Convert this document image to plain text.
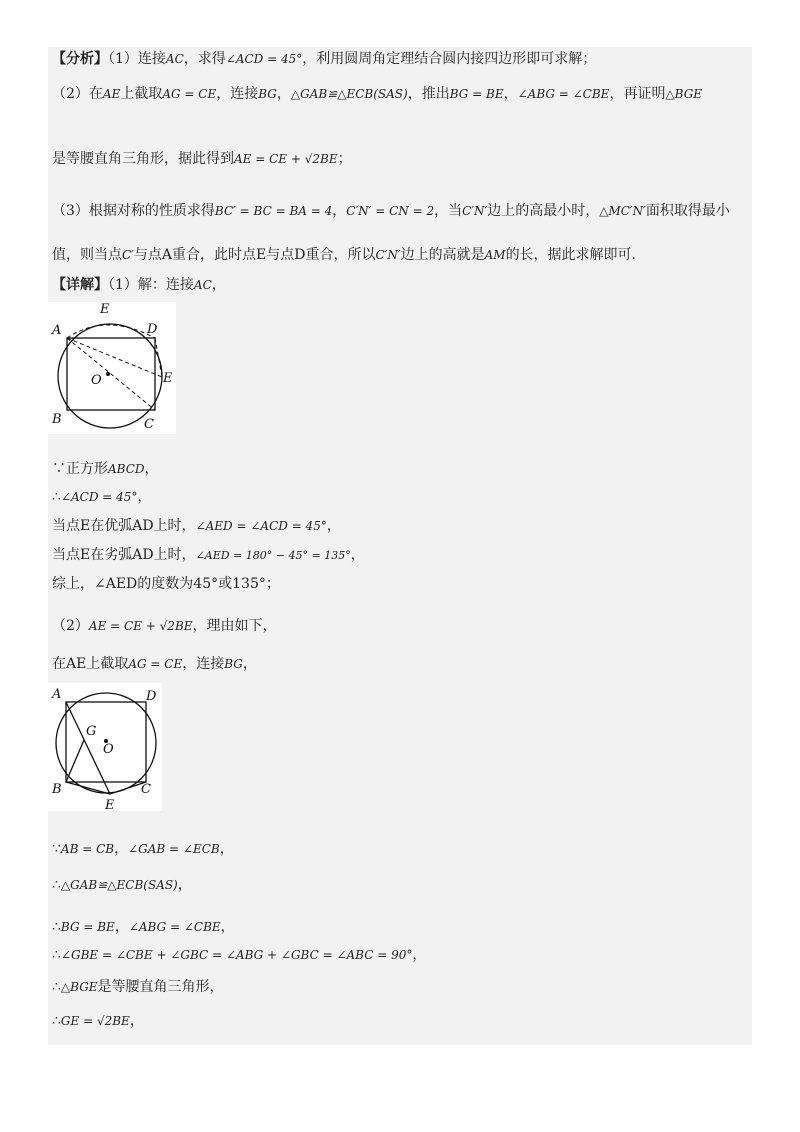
【分析】（1）连接AC，求得∠ACD = 45°，利用圆周角定理结合圆内接四边形即可求解；
（2）在AE上截取AG = CE，连接BG，△GAB≌△ECB(SAS)，推出BG = BE，∠ABG = ∠CBE，再证明△BGE
是等腰直角三角形，据此得到AE = CE + √2BE；
（3）根据对称的性质求得BC′ = BC = BA = 4，C′N′ = CN = 2，当C′N′边上的高最小时，△MC′N′面积取得最小
值，则当点C′与点A重合，此时点E与点D重合，所以C′N′边上的高就是AM的长，据此求解即可.
【详解】（1）解：连接AC，
A
E
D
O	E
B	C
∵正方形ABCD，
∴∠ACD = 45°，
当点E在优弧AD上时，∠AED = ∠ACD = 45°，
当点E在劣弧AD上时，∠AED = 180° − 45° = 135°，
综上，∠AED的度数为45°或135°；
（2）AE = CE + √2BE，理由如下，
在AE上截取AG = CE，连接BG，
A	D
G
O
B	C
E
∵AB = CB，∠GAB = ∠ECB，
∴△GAB≌△ECB(SAS)，
∴BG = BE，∠ABG = ∠CBE，
∴∠GBE = ∠CBE + ∠GBC = ∠ABG + ∠GBC = ∠ABC = 90°，
∴△BGE是等腰直角三角形，
∴GE = √2BE，
